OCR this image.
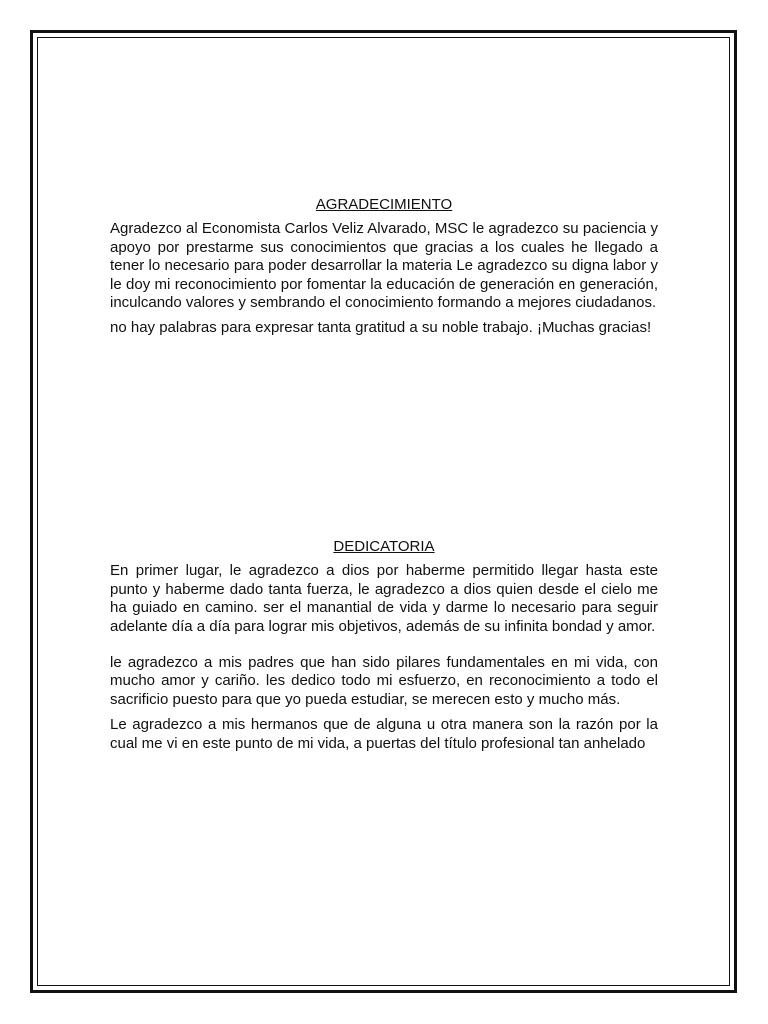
AGRADECIMIENTO

Agradezco al Economista Carlos Veliz Alvarado, MSC le agradezco su paciencia y apoyo por prestarme sus conocimientos que gracias a los cuales he llegado a tener lo necesario para poder desarrollar la materia Le agradezco su digna labor y le doy mi reconocimiento por fomentar la educación de generación en generación, inculcando valores y sembrando el conocimiento formando a mejores ciudadanos.

no hay palabras para expresar tanta gratitud a su noble trabajo. ¡Muchas gracias!

DEDICATORIA

En primer lugar, le agradezco a dios por haberme permitido llegar hasta este punto y haberme dado tanta fuerza, le agradezco a dios quien desde el cielo me ha guiado en camino. ser el manantial de vida y darme lo necesario para seguir adelante día a día para lograr mis objetivos, además de su infinita bondad y amor.

le agradezco a mis padres que han sido pilares fundamentales en mi vida, con mucho amor y cariño. les dedico todo mi esfuerzo, en reconocimiento a todo el sacrificio puesto para que yo pueda estudiar, se merecen esto y mucho más.

Le agradezco a mis hermanos que de alguna u otra manera son la razón por la cual me vi en este punto de mi vida, a puertas del título profesional tan anhelado
